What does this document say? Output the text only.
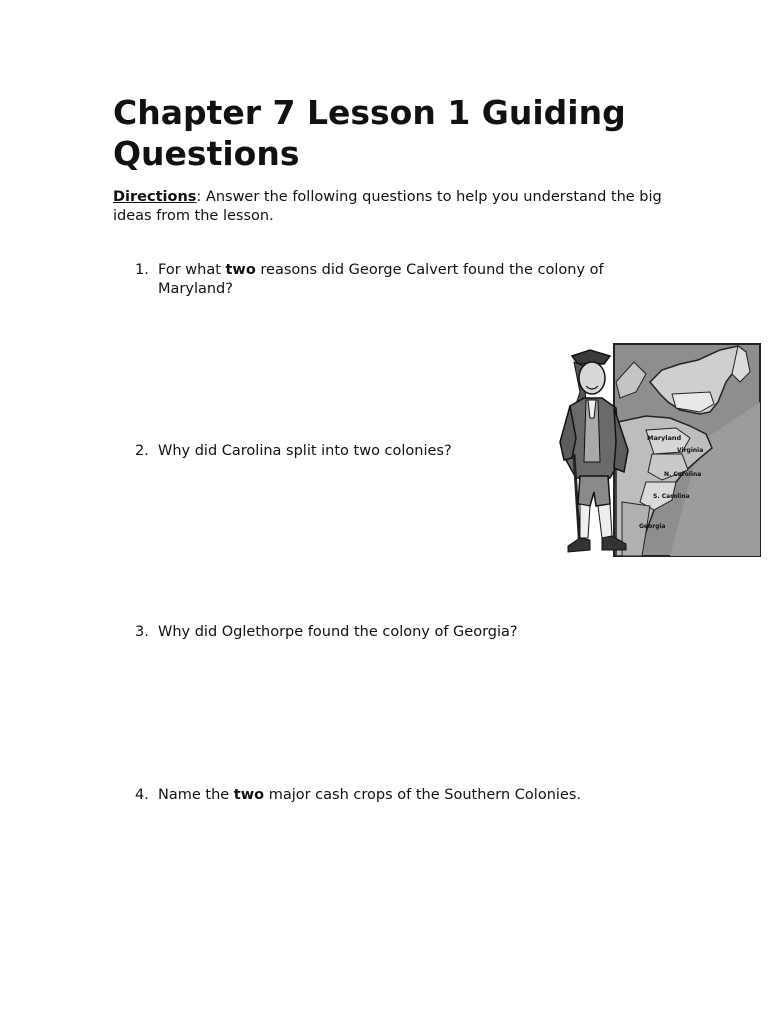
Chapter 7 Lesson 1 Guiding Questions
Directions: Answer the following questions to help you understand the big ideas from the lesson.
1. For what two reasons did George Calvert found the colony of Maryland?
2. Why did Carolina split into two colonies?
3. Why did Oglethorpe found the colony of Georgia?
4. Name the two major cash crops of the Southern Colonies.
Maryland
Virginia
N. Carolina
S. Carolina
Georgia
